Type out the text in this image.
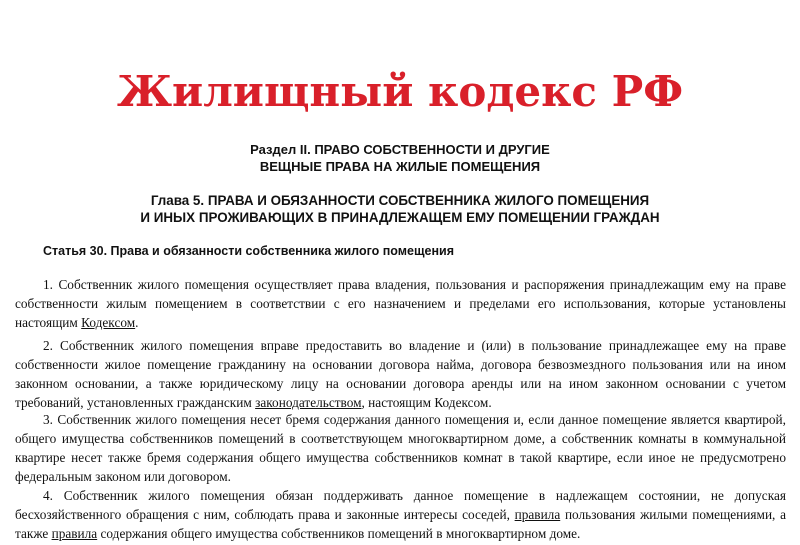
Жилищный кодекс РФ
Раздел II. ПРАВО СОБСТВЕННОСТИ И ДРУГИЕ
ВЕЩНЫЕ ПРАВА НА ЖИЛЫЕ ПОМЕЩЕНИЯ
Глава 5. ПРАВА И ОБЯЗАННОСТИ СОБСТВЕННИКА ЖИЛОГО ПОМЕЩЕНИЯ
И ИНЫХ ПРОЖИВАЮЩИХ В ПРИНАДЛЕЖАЩЕМ ЕМУ ПОМЕЩЕНИИ ГРАЖДАН
Статья 30. Права и обязанности собственника жилого помещения

1. Собственник жилого помещения осуществляет права владения, пользования и распоряжения принадлежащим ему на праве собственности жилым помещением в соответствии с его назначением и пределами его использования, которые установлены настоящим Кодексом.

2. Собственник жилого помещения вправе предоставить во владение и (или) в пользование принадлежащее ему на праве собственности жилое помещение гражданину на основании договора найма, договора безвозмездного пользования или на ином законном основании, а также юридическому лицу на основании договора аренды или на ином законном основании с учетом требований, установленных гражданским законодательством, настоящим Кодексом.

3. Собственник жилого помещения несет бремя содержания данного помещения и, если данное помещение является квартирой, общего имущества собственников помещений в соответствующем многоквартирном доме, а собственник комнаты в коммунальной квартире несет также бремя содержания общего имущества собственников комнат в такой квартире, если иное не предусмотрено федеральным законом или договором.

4. Собственник жилого помещения обязан поддерживать данное помещение в надлежащем состоянии, не допуская бесхозяйственного обращения с ним, соблюдать права и законные интересы соседей, правила пользования жилыми помещениями, а также правила содержания общего имущества собственников помещений в многоквартирном доме.
